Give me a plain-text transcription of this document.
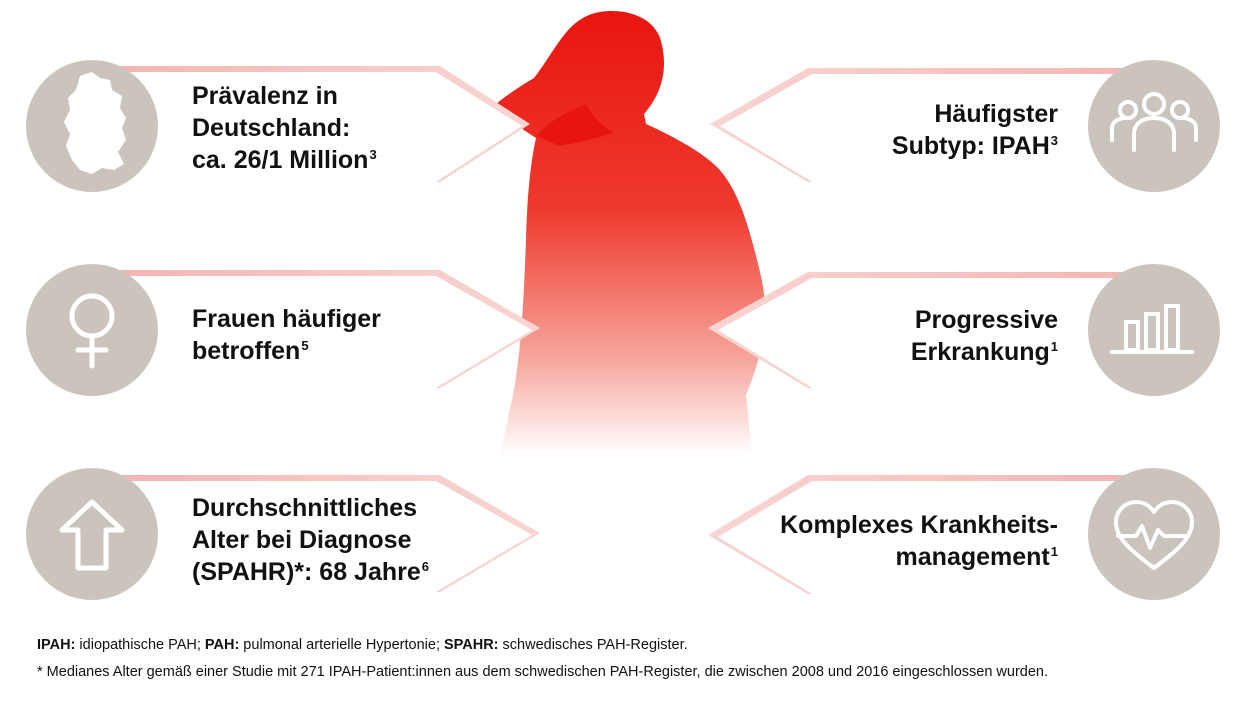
Prävalenz in
Deutschland:
ca. 26/1 Million$^3$
Frauen häufiger
betroffen$^5$
Durchschnittliches
Alter bei Diagnose
(SPAHR)*: 68 Jahre$^6$
Häufigster
Subtyp: IPAH$^3$
Progressive
Erkrankung$^1$
Komplexes Krankheits-
management$^1$
IPAH: idiopathische PAH; PAH: pulmonal arterielle Hypertonie; SPAHR: schwedisches PAH-Register.
* Medianes Alter gemäß einer Studie mit 271 IPAH-Patient:innen aus dem schwedischen PAH-Register, die zwischen 2008 und 2016 eingeschlossen wurden.
